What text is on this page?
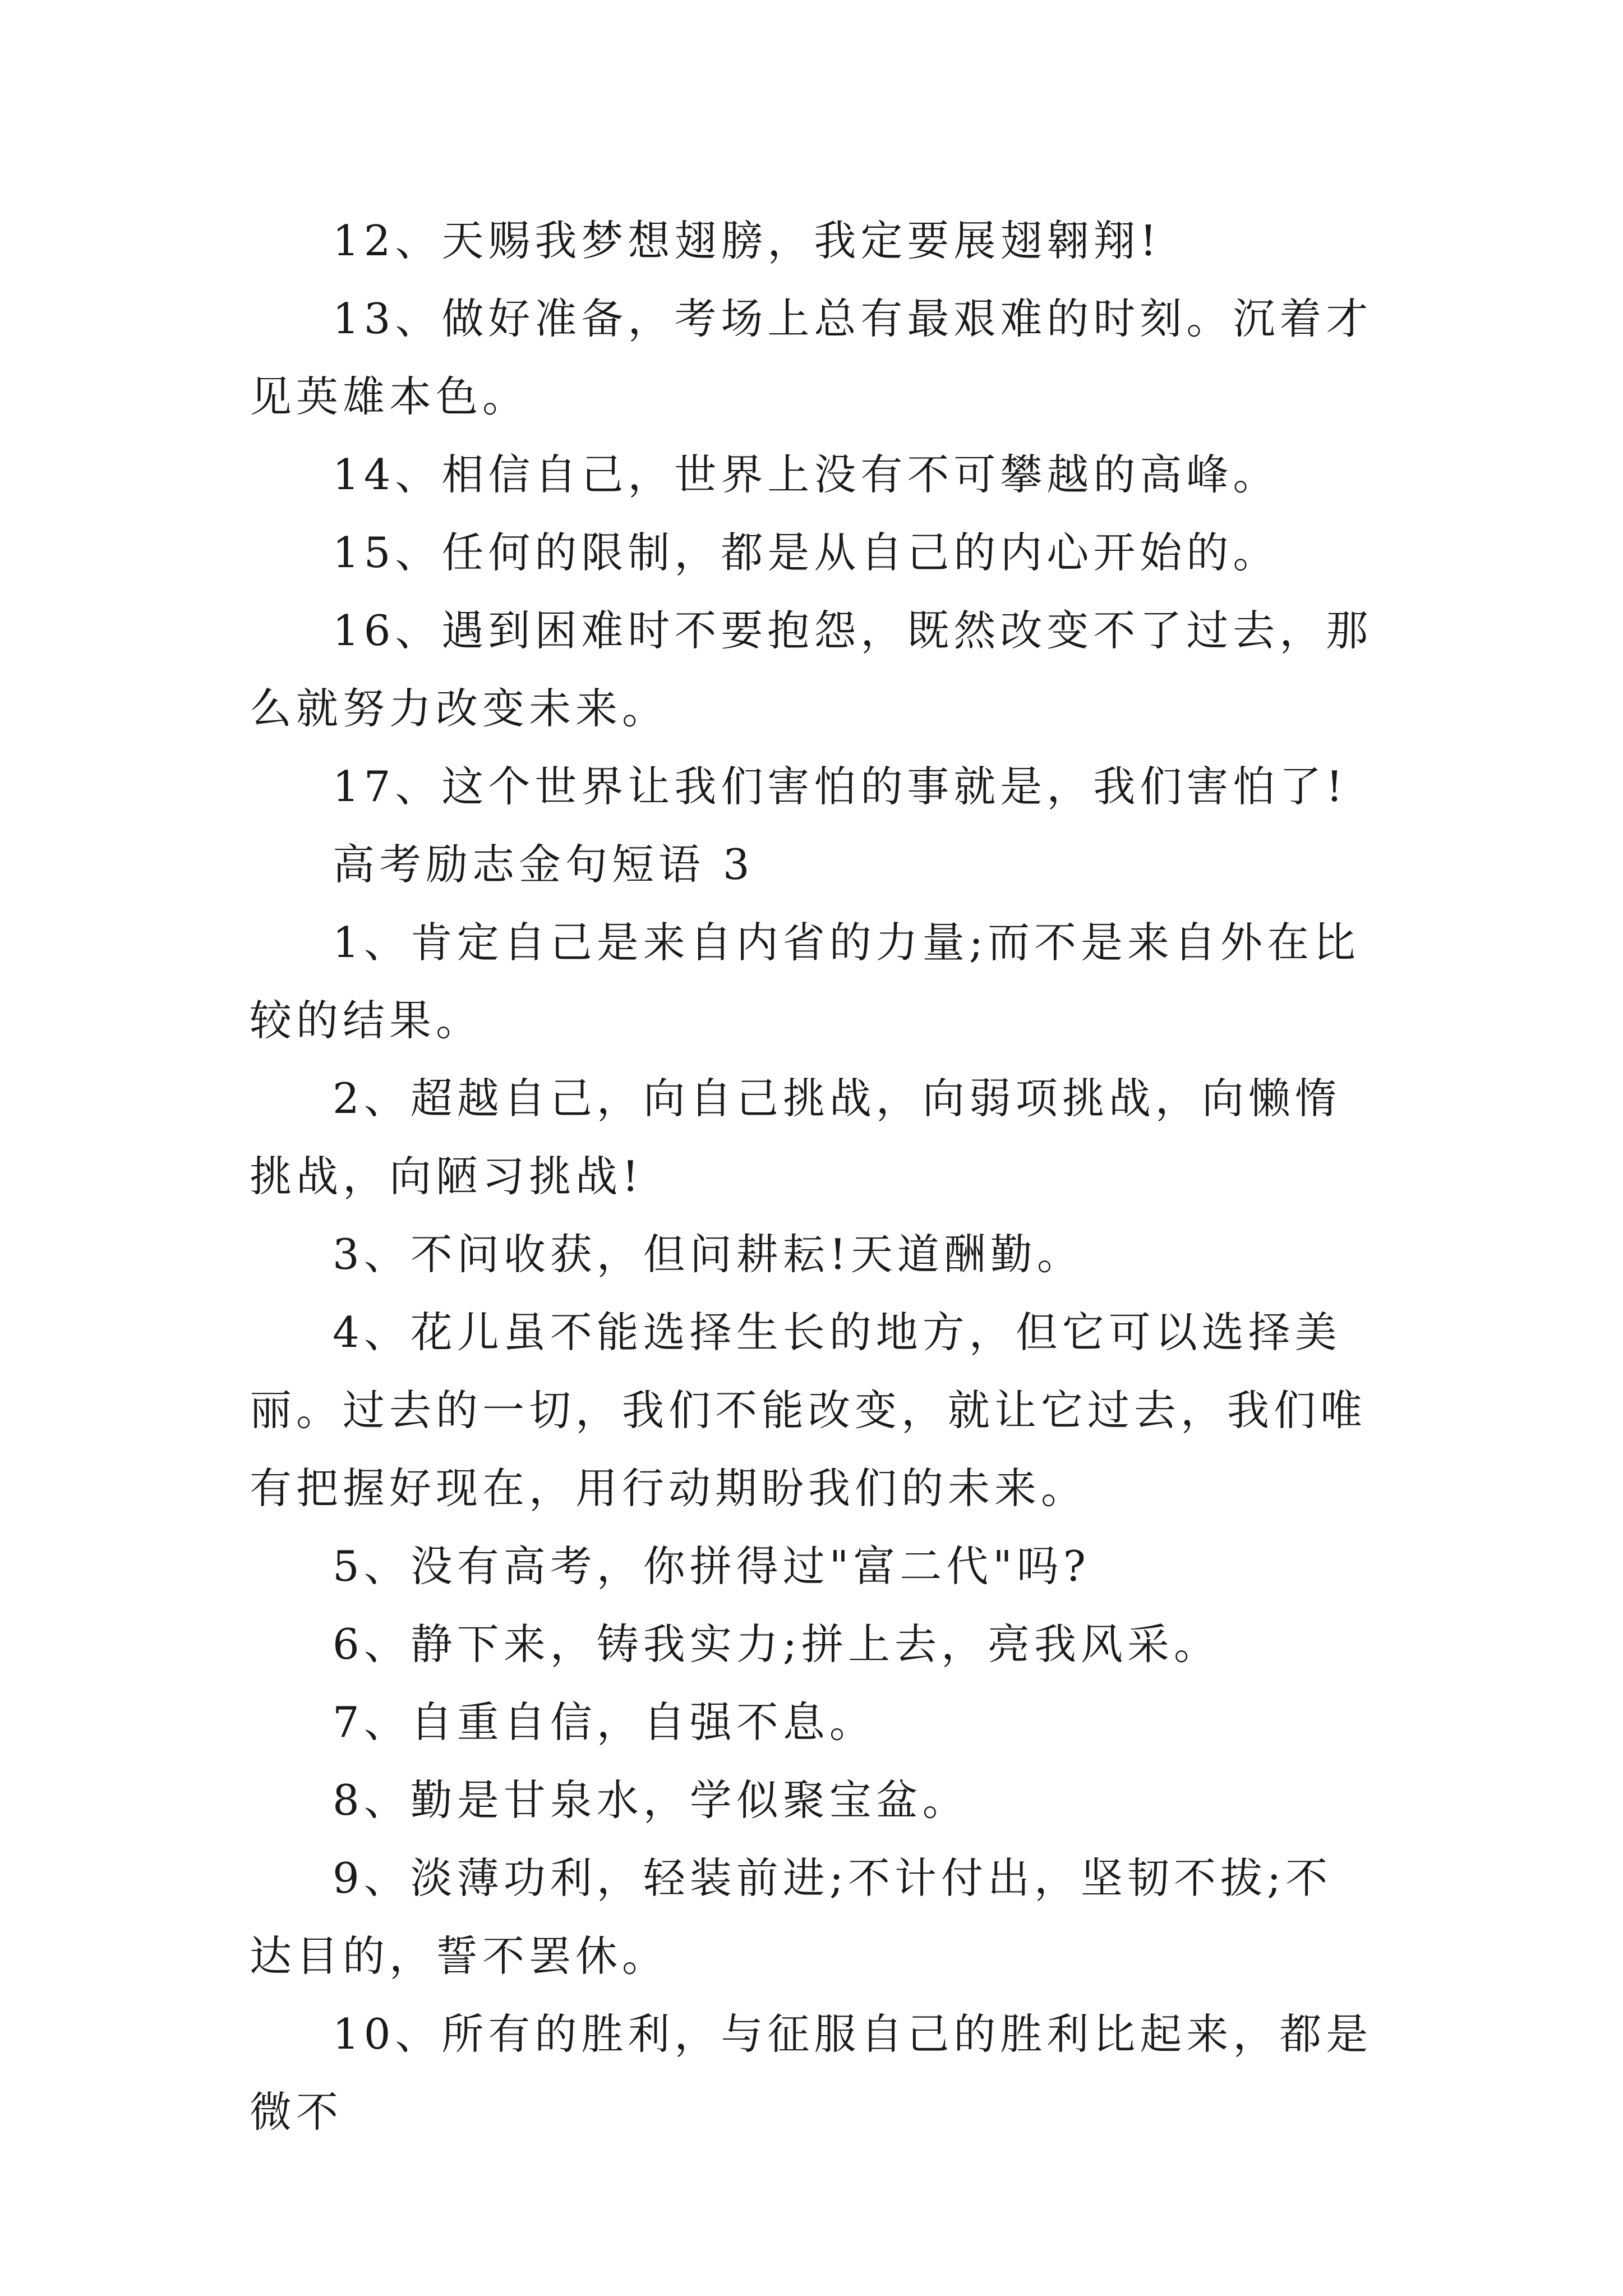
12、天赐我梦想翅膀，我定要展翅翱翔!

13、做好准备，考场上总有最艰难的时刻。沉着才见英雄本色。

14、相信自己，世界上没有不可攀越的高峰。

15、任何的限制，都是从自己的内心开始的。

16、遇到困难时不要抱怨，既然改变不了过去，那么就努力改变未来。

17、这个世界让我们害怕的事就是，我们害怕了!

高考励志金句短语 3

1、肯定自己是来自内省的力量;而不是来自外在比较的结果。

2、超越自己，向自己挑战，向弱项挑战，向懒惰挑战，向陋习挑战!

3、不问收获，但问耕耘!天道酬勤。

4、花儿虽不能选择生长的地方，但它可以选择美丽。过去的一切，我们不能改变，就让它过去，我们唯有把握好现在，用行动期盼我们的未来。

5、没有高考，你拼得过"富二代"吗?

6、静下来，铸我实力;拼上去，亮我风采。

7、自重自信，自强不息。

8、勤是甘泉水，学似聚宝盆。

9、淡薄功利，轻装前进;不计付出，坚韧不拔;不达目的，誓不罢休。

10、所有的胜利，与征服自己的胜利比起来，都是微不
